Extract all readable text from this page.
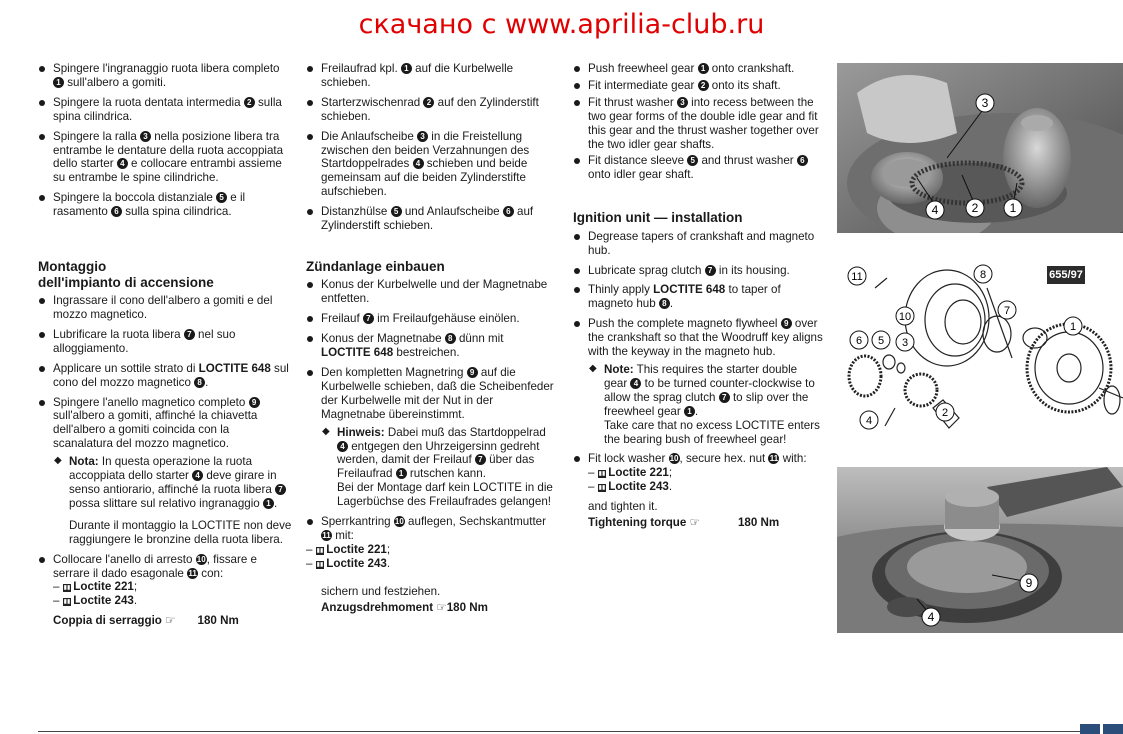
скачано с www.aprilia-club.ru
Spingere l'ingranaggio ruota libera completo 1 sull'albero a gomiti.
Spingere la ruota dentata intermedia 2 sulla spina cilindrica.
Spingere la ralla 3 nella posizione libera tra entrambe le dentature della ruota accoppiata dello starter 4 e collocare entrambi assieme su entrambe le spine cilindriche.
Spingere la boccola distanziale 5 e il rasamento 6 sulla spina cilindrica.
Montaggio
dell'impianto di accensione
Ingrassare il cono dell'albero a gomiti e del mozzo magnetico.
Lubrificare la ruota libera 7 nel suo alloggiamento.
Applicare un sottile strato di LOCTITE 648 sul cono del mozzo magnetico 8 .
Spingere l'anello magnetico completo 9 sull'albero a gomiti, affinché la chiavetta dell'albero a gomiti coincida con la scanalatura del mozzo magnetico.
◆ Nota: In questa operazione la ruota accoppiata dello starter 4 deve girare in senso antiorario, affinché la ruota libera 7 possa slittare sul relativo ingranaggio 1 .

Durante il montaggio la LOCTITE non deve raggiungere le bronzine della ruota libera.

Collocare l'anello di arresto 10, fissare e serrare il dado esagonale 11 con:
– ▮▮ Loctite 221;
– ▮▮ Loctite 243.
Coppia di serraggio ☞ 180 Nm
Freilaufrad kpl. 1 auf die Kurbelwelle schieben.
Starterzwischenrad 2 auf den Zylinderstift schieben.
Die Anlaufscheibe 3 in die Freistellung zwischen den beiden Verzahnungen des Startdoppelrades 4 schieben und beide gemeinsam auf die beiden Zylinderstifte aufschieben.
Distanzhülse 5 und Anlaufscheibe 6 auf Zylinderstift schieben.
Zündanlage einbauen
Konus der Kurbelwelle und der Magnetnabe entfetten.
Freilauf 7 im Freilaufgehäuse einölen.
Konus der Magnetnabe 8 dünn mit LOCTITE 648 bestreichen.
Den kompletten Magnetring 9 auf die Kurbelwelle schieben, daß die Scheibenfeder der Kurbelwelle mit der Nut in der Magnetnabe übereinstimmt.
◆ Hinweis: Dabei muß das Startdoppelrad 4 entgegen den Uhrzeigersinn gedreht werden, damit der Freilauf 7 über das Freilaufrad 1 rutschen kann.
Bei der Montage darf kein LOCTITE in die Lagerbüchse des Freilaufrades gelangen!

Sperrkantring 10 auflegen, Sechskantmutter
11 mit:
– ▮▮ Loctite 221;
– ▮▮ Loctite 243.
sichern und festziehen.
Anzugsdrehmoment ☞180 Nm
Push freewheel gear 1 onto crankshaft.
Fit intermediate gear 2 onto its shaft.
Fit thrust washer 3 into recess between the two gear forms of the double idle gear and fit this gear and the thrust washer together over the two idler gear shafts.
Fit distance sleeve 5 and thrust washer 6 onto idler gear shaft.
Ignition unit — installation
Degrease tapers of crankshaft and magneto hub.
Lubricate sprag clutch 7 in its housing.
Thinly apply LOCTITE 648 to taper of magneto hub 8 .
Push the complete magneto flywheel 9 over the crankshaft so that the Woodruff key aligns with the keyway in the magneto hub.
◆ Note: This requires the starter double gear 4 to be turned counter-clockwise to allow the sprag clutch 7 to slip over the freewheel gear 1 .
Take care that no excess LOCTITE enters the bearing bush of freewheel gear!

Fit lock washer 10, secure hex. nut 11 with:
– ▮▮ Loctite 221;
– ▮▮ Loctite 243.
and tighten it.
Tightening torque ☞	180 Nm
3
4	2	1
11	8
10	7
6 5 3
1
4
2
655/97
9
4
